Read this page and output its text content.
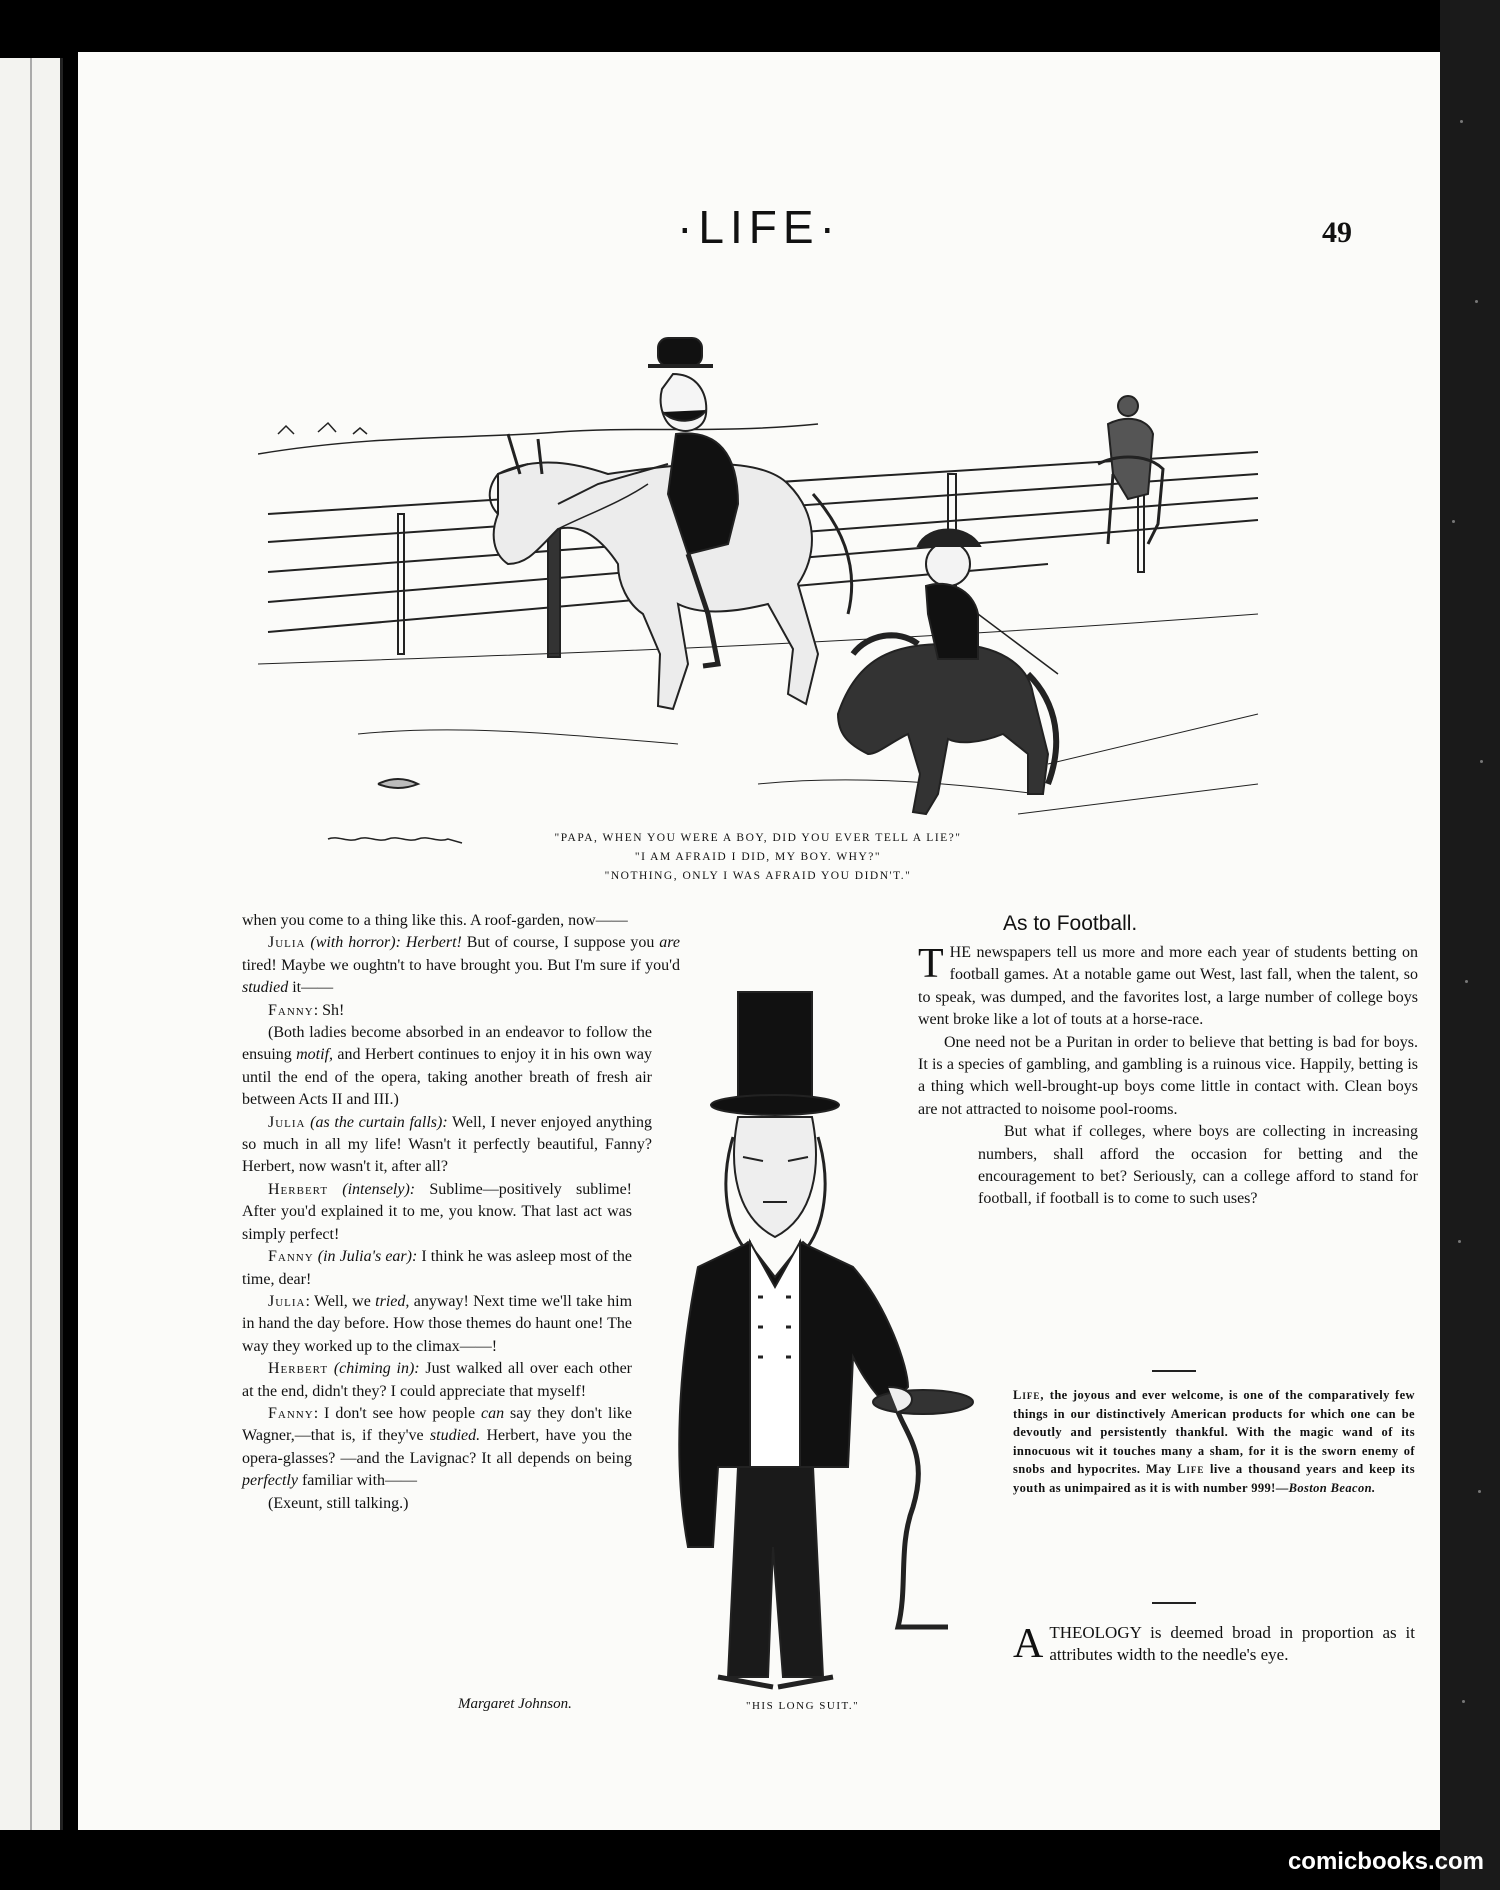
·LIFE·	49
"PAPA, WHEN YOU WERE A BOY, DID YOU EVER TELL A LIE?"
"I AM AFRAID I DID, MY BOY. WHY?"
"NOTHING, ONLY I WAS AFRAID YOU DIDN'T."

when you come to a thing like this. A roof-garden, now——

Julia (with horror): Herbert! But of course, I suppose you are tired! Maybe we oughtn't to have brought you. But I'm sure if you'd studied it——

Fanny: Sh!

(Both ladies become absorbed in an endeavor to follow the ensuing motif, and Herbert continues to enjoy it in his own way until the end of the opera, taking another breath of fresh air between Acts II and III.)

Julia (as the curtain falls): Well, I never enjoyed anything so much in all my life! Wasn't it perfectly beautiful, Fanny? Herbert, now wasn't it, after all?

Herbert (intensely): Sublime—positively sublime! After you'd explained it to me, you know. That last act was simply perfect!

Fanny (in Julia's ear): I think he was asleep most of the time, dear!

Julia: Well, we tried, anyway! Next time we'll take him in hand the day before. How those themes do haunt one! The way they worked up to the climax——!

Herbert (chiming in): Just walked all over each other at the end, didn't they? I could appreciate that myself!

Fanny: I don't see how people can say they don't like Wagner,—that is, if they've studied. Herbert, have you the opera-glasses? —and the Lavignac? It all depends on being perfectly familiar with——

(Exeunt, still talking.)

Margaret Johnson.	"HIS LONG SUIT."
As to Football.

THE newspapers tell us more and more each year of students betting on football games. At a notable game out West, last fall, when the talent, so to speak, was dumped, and the favorites lost, a large number of college boys went broke like a lot of touts at a horse-race.

One need not be a Puritan in order to believe that betting is bad for boys. It is a species of gambling, and gambling is a ruinous vice. Happily, betting is a thing which well-brought-up boys come little in contact with. Clean boys are not attracted to noisome pool-rooms.

But what if colleges, where boys are collecting in increasing numbers, shall afford the occasion for betting and the encouragement to bet? Seriously, can a college afford to stand for football, if football is to come to such uses?

Life, the joyous and ever welcome, is one of the comparatively few things in our distinctively American products for which one can be devoutly and persistently thankful. With the magic wand of its innocuous wit it touches many a sham, for it is the sworn enemy of snobs and hypocrites. May Life live a thousand years and keep its youth as unimpaired as it is with number 999!—Boston Beacon.

A THEOLOGY is deemed broad in proportion as it attributes width to the needle's eye.

comicbooks.com
